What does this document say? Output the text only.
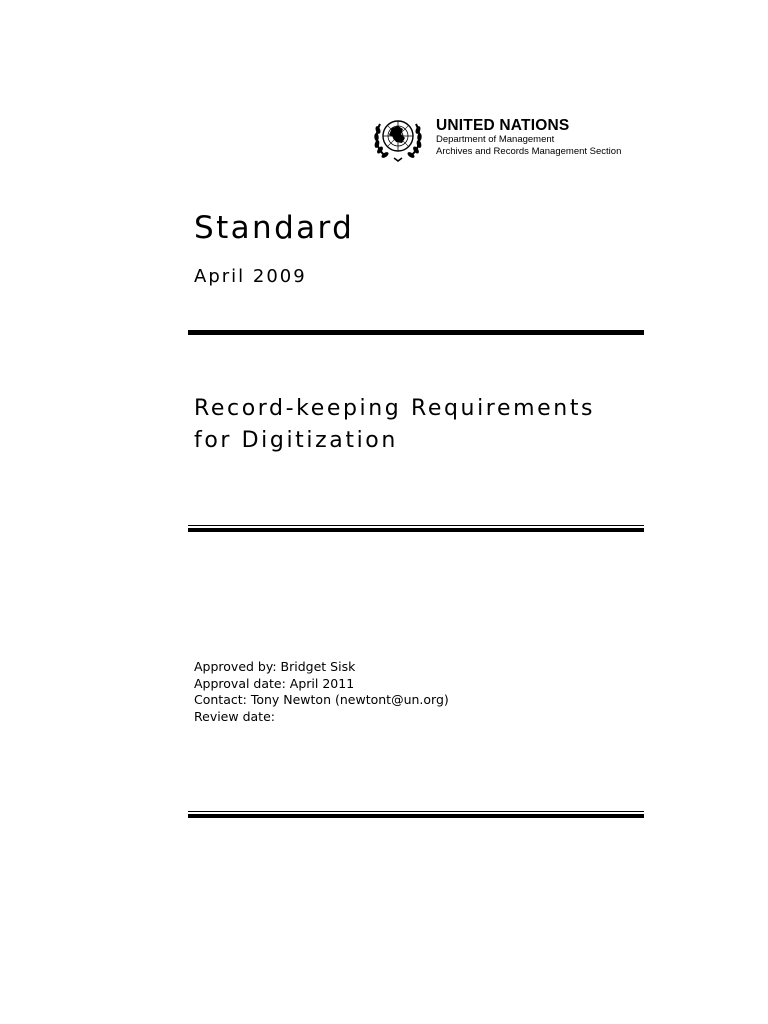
UNITED NATIONS
Department of Management
Archives and Records Management Section
Standard
April 2009
Record-keeping Requirements
for Digitization
Approved by: Bridget Sisk
Approval date: April 2011
Contact: Tony Newton (newtont@un.org)
Review date:
